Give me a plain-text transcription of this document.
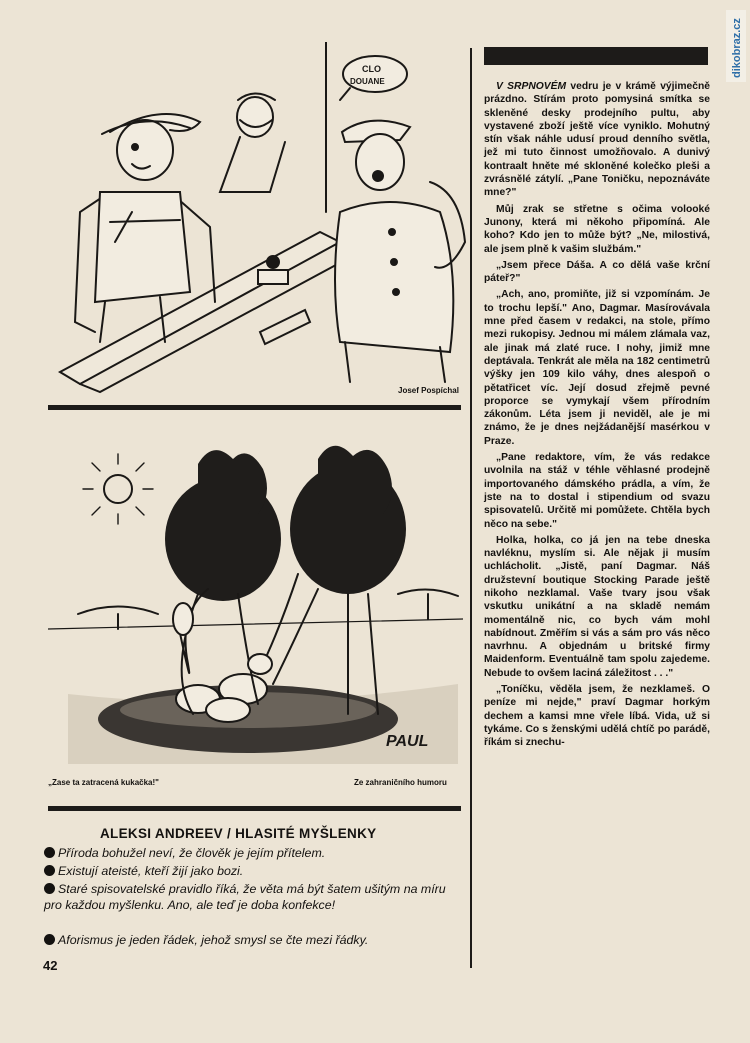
dikobraz.cz
CLO
DOUANE
Josef Pospíchal
PAUL
„Zase ta zatracená kukačka!"	Ze zahraničního humoru
ALEKSI ANDREEV / HLASITÉ MYŠLENKY
Příroda bohužel neví, že člověk je jejím přítelem.
Existují ateisté, kteří žijí jako bozi.
Staré spisovatelské pravidlo říká, že věta má být šatem ušitým na míru pro každou myšlenku. Ano, ale teď je doba konfekce!
Aforismus je jeden řádek, jehož smysl se čte mezi řádky.
42

V SRPNOVÉM vedru je v krámě výjimečně prázdno. Stírám proto pomysiná smítka se skleněné desky prodejního pultu, aby vystavené zboží ještě více vyniklo. Mohutný stín však náhle udusí proud denního světla, jež mi tuto činnost umožňovalo. A dunivý kontraalt hněte mé skloněné kolečko pleši a zvrásnělé zátylí. „Pane Toničku, nepoznáváte mne?"

Můj zrak se střetne s očima volooké Junony, která mi někoho připomíná. Ale koho? Kdo jen to může být? „Ne, milostivá, ale jsem plně k vašim službám."

„Jsem přece Dáša. A co dělá vaše krční páteř?"

„Ach, ano, promiňte, již si vzpomínám. Je to trochu lepší." Ano, Dagmar. Masírovávala mne před časem v redakci, na stole, přímo mezi rukopisy. Jednou mi málem zlámala vaz, ale jinak má zlaté ruce. I nohy, jimiž mne deptávala. Tenkrát ale měla na 182 centimetrů výšky jen 109 kilo váhy, dnes alespoň o pětatřicet víc. Její dosud zřejmě pevné proporce se vymykají všem přírodním zákonům. Léta jsem ji neviděl, ale je mi známo, že je dnes nejžádanější masérkou v Praze.

„Pane redaktore, vím, že vás redakce uvolnila na stáž v téhle věhlasné prodejně importovaného dámského prádla, a vím, že jste na to dostal i stipendium od svazu spisovatelů. Určitě mi pomůžete. Chtěla bych něco na sebe."

Holka, holka, co já jen na tebe dneska navléknu, myslím si. Ale nějak ji musím uchlácholit. „Jistě, paní Dagmar. Náš družstevní boutique Stocking Parade ještě nikoho nezklamal. Vaše tvary jsou však vskutku unikátní a na skladě nemám momentálně nic, co bych vám mohl nabídnout. Změřím si vás a sám pro vás něco navrhnu. A objednám u britské firmy Maidenform. Eventuálně tam spolu zajedeme. Nebude to ovšem laciná záležitost . . ."

„Toníčku, věděla jsem, že nezklameš. O peníze mi nejde," praví Dagmar horkým dechem a kamsi mne vřele líbá. Vida, už si tykáme. Co s ženskými udělá chtíč po parádě, říkám si znechu-
